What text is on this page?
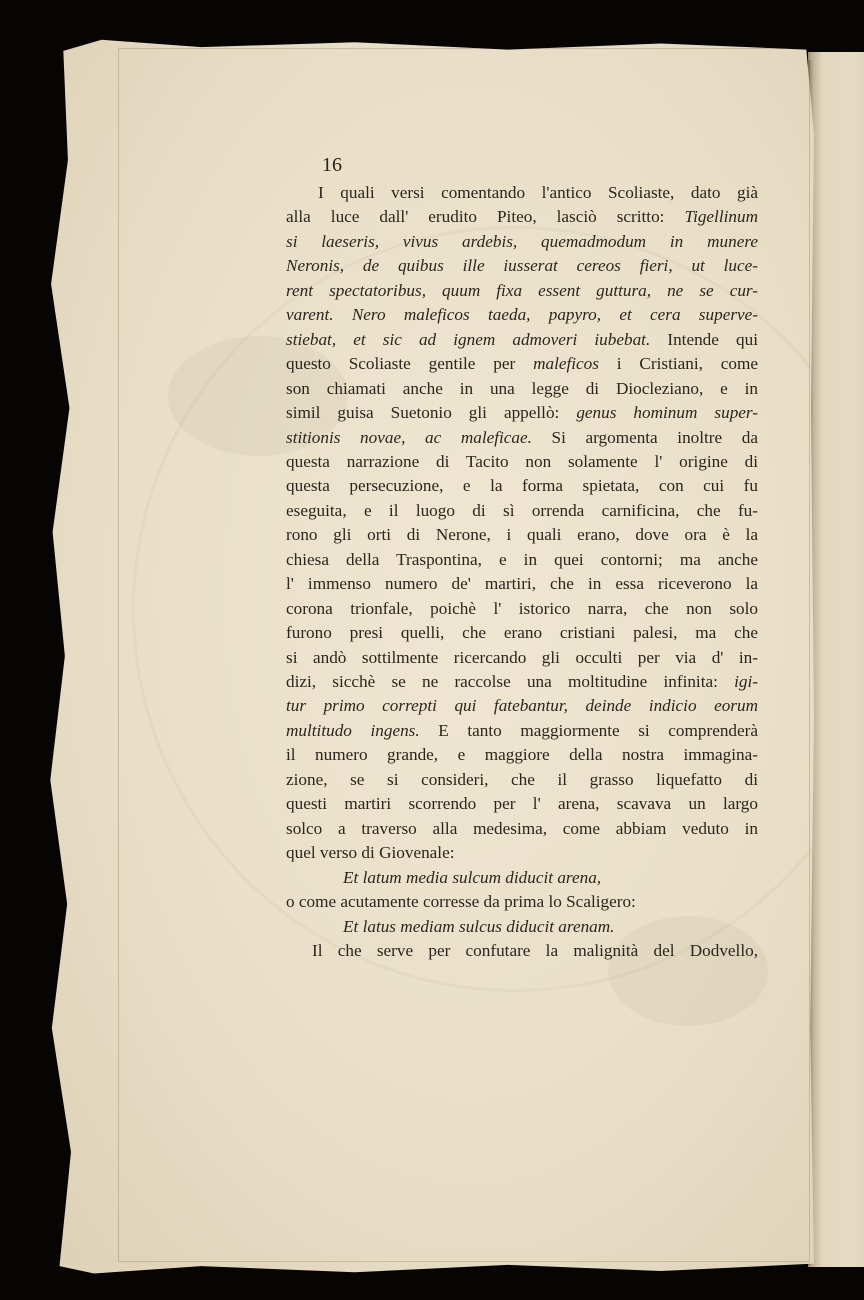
16
I quali versi comentando l'antico Scoliaste, dato già
alla luce dall' erudito Piteo, lasciò scritto: Tigellinum
si laeseris, vivus ardebis, quemadmodum in munere
Neronis, de quibus ille iusserat cereos fieri, ut luce-
rent spectatoribus, quum fixa essent guttura, ne se cur-
varent. Nero maleficos taeda, papyro, et cera superve-
stiebat, et sic ad ignem admoveri iubebat. Intende qui
questo Scoliaste gentile per maleficos i Cristiani, come
son chiamati anche in una legge di Diocleziano, e in
simil guisa Suetonio gli appellò: genus hominum super-
stitionis novae, ac maleficae. Si argomenta inoltre da
questa narrazione di Tacito non solamente l' origine di
questa persecuzione, e la forma spietata, con cui fu
eseguita, e il luogo di sì orrenda carnificina, che fu-
rono gli orti di Nerone, i quali erano, dove ora è la
chiesa della Traspontina, e in quei contorni; ma anche
l' immenso numero de' martiri, che in essa riceverono la
corona trionfale, poichè l' istorico narra, che non solo
furono presi quelli, che erano cristiani palesi, ma che
si andò sottilmente ricercando gli occulti per via d' in-
dizi, sicchè se ne raccolse una moltitudine infinita: igi-
tur primo correpti qui fatebantur, deinde indicio eorum
multitudo ingens. E tanto maggiormente si comprenderà
il numero grande, e maggiore della nostra immagina-
zione, se si consideri, che il grasso liquefatto di
questi martiri scorrendo per l' arena, scavava un largo
solco a traverso alla medesima, come abbiam veduto in
quel verso di Giovenale:
Et latum media sulcum diducit arena,
o come acutamente corresse da prima lo Scaligero:
Et latus mediam sulcus diducit arenam.
Il che serve per confutare la malignità del Dodvello,
